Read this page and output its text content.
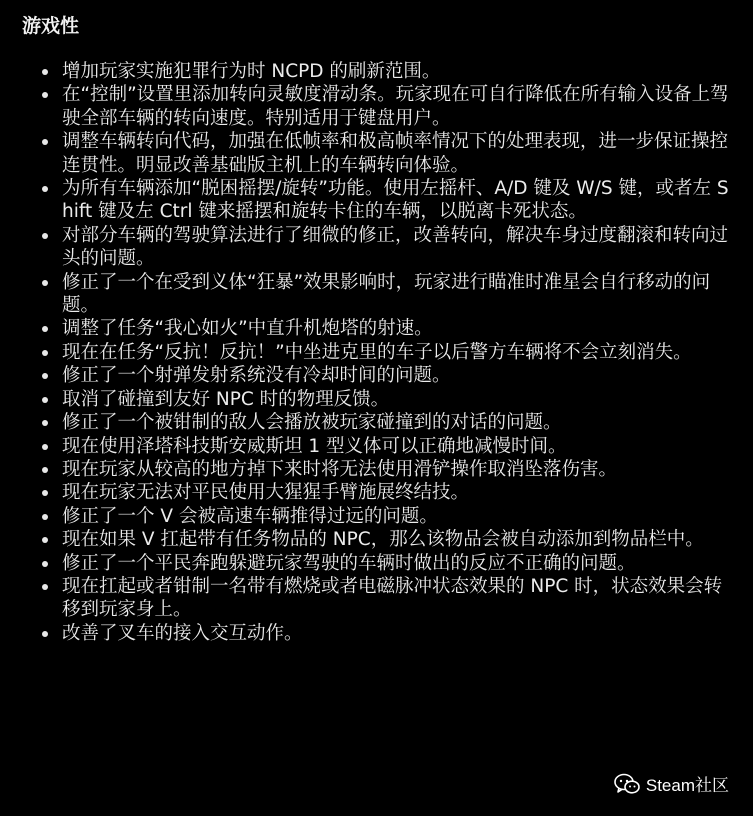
游戏性
增加玩家实施犯罪行为时 NCPD 的刷新范围。
在“控制”设置里添加转向灵敏度滑动条。玩家现在可自行降低在所有输入设备上驾驶全部车辆的转向速度。特别适用于键盘用户。
调整车辆转向代码，加强在低帧率和极高帧率情况下的处理表现，进一步保证操控连贯性。明显改善基础版主机上的车辆转向体验。
为所有车辆添加“脱困摇摆/旋转”功能。使用左摇杆、A/D 键及 W/S 键，或者左 Shift 键及左 Ctrl 键来摇摆和旋转卡住的车辆，以脱离卡死状态。
对部分车辆的驾驶算法进行了细微的修正，改善转向，解决车身过度翻滚和转向过头的问题。
修正了一个在受到义体“狂暴”效果影响时，玩家进行瞄准时准星会自行移动的问题。
调整了任务“我心如火”中直升机炮塔的射速。
现在在任务“反抗！反抗！”中坐进克里的车子以后警方车辆将不会立刻消失。
修正了一个射弹发射系统没有冷却时间的问题。
取消了碰撞到友好 NPC 时的物理反馈。
修正了一个被钳制的敌人会播放被玩家碰撞到的对话的问题。
现在使用泽塔科技斯安威斯坦 1 型义体可以正确地减慢时间。
现在玩家从较高的地方掉下来时将无法使用滑铲操作取消坠落伤害。
现在玩家无法对平民使用大猩猩手臂施展终结技。
修正了一个 V 会被高速车辆推得过远的问题。
现在如果 V 扛起带有任务物品的 NPC，那么该物品会被自动添加到物品栏中。
修正了一个平民奔跑躲避玩家驾驶的车辆时做出的反应不正确的问题。
现在扛起或者钳制一名带有燃烧或者电磁脉冲状态效果的 NPC 时，状态效果会转移到玩家身上。
改善了叉车的接入交互动作。
Steam社区
